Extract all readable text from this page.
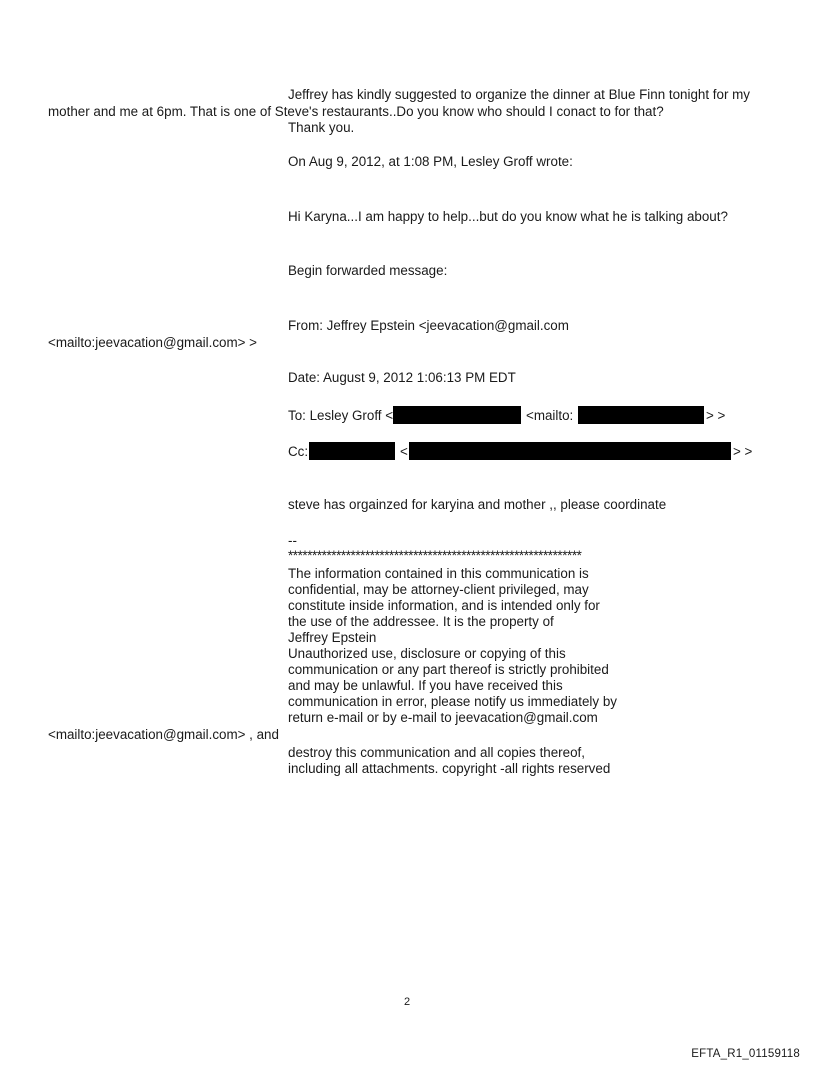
Jeffrey has kindly suggested to organize the dinner at Blue Finn tonight for my
mother and me at 6pm. That is one of Steve's restaurants..Do you know who should I conact to for that?
Thank you.
On Aug 9, 2012, at 1:08 PM, Lesley Groff wrote:
Hi Karyna...I am happy to help...but do you know what he is talking about?
Begin forwarded message:
From: Jeffrey Epstein <jeevacation@gmail.com
<mailto:jeevacation@gmail.com> >
Date: August 9, 2012 1:06:13 PM EDT
To: Lesley Groff <	<mailto:	> >
Cc:	<	> >
steve has orgainzed for karyina and mother ,, please coordinate
--
*************************************************************
The information contained in this communication is
confidential, may be attorney-client privileged, may
constitute inside information, and is intended only for
the use of the addressee. It is the property of
Jeffrey Epstein
Unauthorized use, disclosure or copying of this
communication or any part thereof is strictly prohibited
and may be unlawful. If you have received this
communication in error, please notify us immediately by
return e-mail or by e-mail to jeevacation@gmail.com
<mailto:jeevacation@gmail.com> , and
destroy this communication and all copies thereof,
including all attachments. copyright -all rights reserved
2
EFTA_R1_01159118
